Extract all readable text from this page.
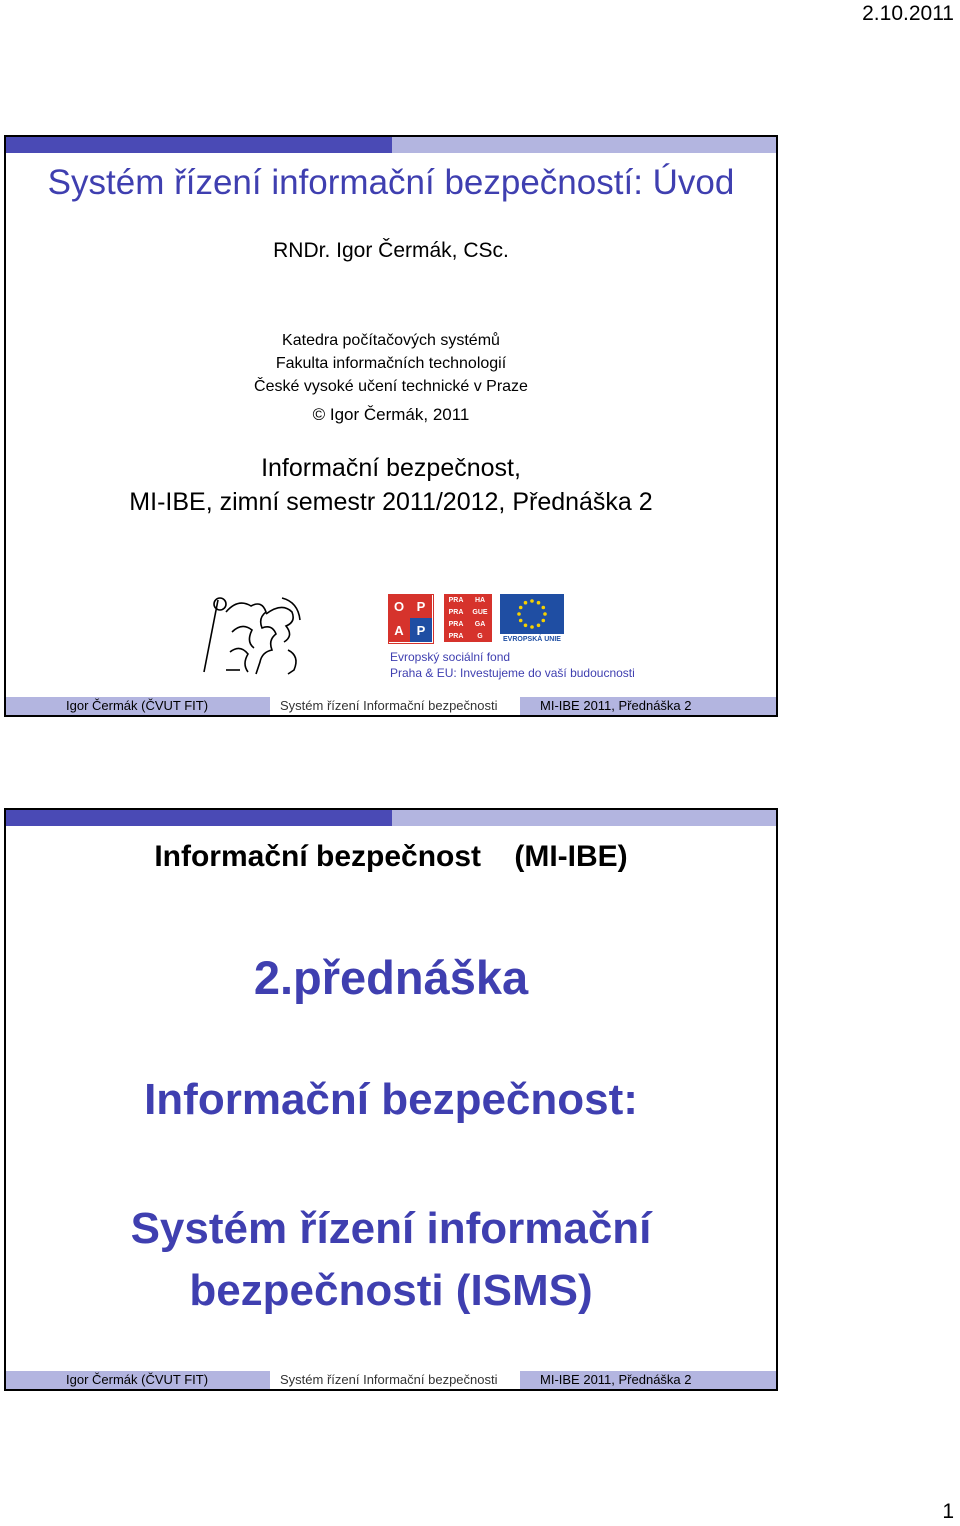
2.10.2011
Systém řízení informační bezpečností: Úvod
RNDr. Igor Čermák, CSc.
Katedra počítačových systémů
Fakulta informačních technologií
České vysoké učení technické v Praze
© Igor Čermák, 2011
Informační bezpečnost,
MI-IBE, zimní semestr 2011/2012, Přednáška 2
O P
P
A
PRA	HA
PRA	GUE
PRA	GA
PRA	G	EVROPSKÁ UNIE
Evropský sociální fond
Praha & EU: Investujeme do vaší budoucnosti
Igor Čermák (ČVUT FIT)	Systém řízení Informační bezpečnosti	MI-IBE 2011, Přednáška 2
Informační bezpečnost    (MI-IBE)
2.přednáška
Informační bezpečnost:
Systém řízení informační
bezpečnosti (ISMS)
Igor Čermák (ČVUT FIT)	Systém řízení Informační bezpečnosti	MI-IBE 2011, Přednáška 2
1
